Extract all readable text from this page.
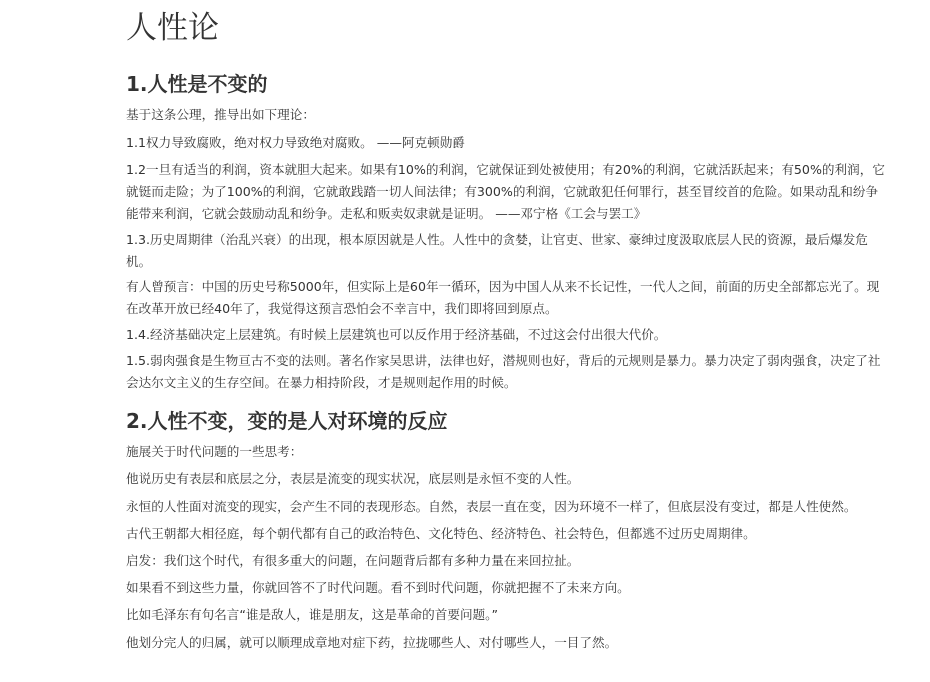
人性论
1.人性是不变的

基于这条公理，推导出如下理论：

1.1权力导致腐败，绝对权力导致绝对腐败。 ——阿克顿勋爵

1.2一旦有适当的利润，资本就胆大起来。如果有10%的利润，它就保证到处被使用；有20%的利润，它就活跃起来；有50%的利润，它就铤而走险；为了100%的利润，它就敢践踏一切人间法律；有300%的利润，它就敢犯任何罪行，甚至冒绞首的危险。如果动乱和纷争能带来利润，它就会鼓励动乱和纷争。走私和贩卖奴隶就是证明。 ——邓宁格《工会与罢工》

1.3.历史周期律（治乱兴衰）的出现，根本原因就是人性。人性中的贪婪，让官吏、世家、豪绅过度汲取底层人民的资源，最后爆发危机。

有人曾预言：中国的历史号称5000年，但实际上是60年一循环，因为中国人从来不长记性，一代人之间，前面的历史全部都忘光了。现在改革开放已经40年了，我觉得这预言恐怕会不幸言中，我们即将回到原点。

1.4.经济基础决定上层建筑。有时候上层建筑也可以反作用于经济基础，不过这会付出很大代价。

1.5.弱肉强食是生物亘古不变的法则。著名作家吴思讲，法律也好，潜规则也好，背后的元规则是暴力。暴力决定了弱肉强食，决定了社会达尔文主义的生存空间。在暴力相持阶段，才是规则起作用的时候。

2.人性不变，变的是人对环境的反应

施展关于时代问题的一些思考：

他说历史有表层和底层之分，表层是流变的现实状况，底层则是永恒不变的人性。

永恒的人性面对流变的现实，会产生不同的表现形态。自然，表层一直在变，因为环境不一样了，但底层没有变过，都是人性使然。

古代王朝都大相径庭，每个朝代都有自己的政治特色、文化特色、经济特色、社会特色，但都逃不过历史周期律。

启发：我们这个时代，有很多重大的问题，在问题背后都有多种力量在来回拉扯。

如果看不到这些力量，你就回答不了时代问题。看不到时代问题，你就把握不了未来方向。

比如毛泽东有句名言“谁是敌人，谁是朋友，这是革命的首要问题。”

他划分完人的归属，就可以顺理成章地对症下药，拉拢哪些人、对付哪些人，一目了然。
